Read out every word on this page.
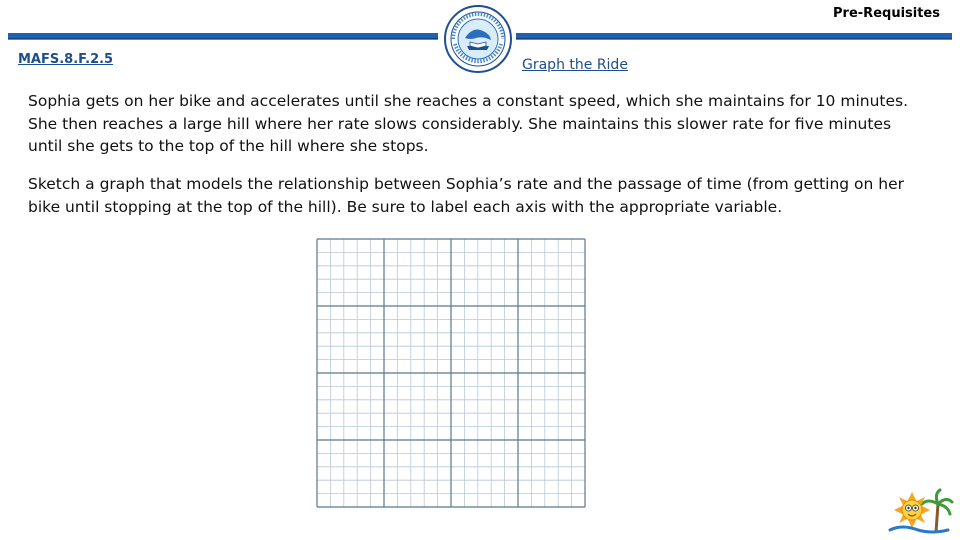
Pre-Requisites
MAFS.8.F.2.5	Graph the Ride
Sophia gets on her bike and accelerates until she reaches a constant speed, which she maintains for 10 minutes. She then reaches a large hill where her rate slows considerably. She maintains this slower rate for five minutes until she gets to the top of the hill where she stops.
Sketch a graph that models the relationship between Sophia’s rate and the passage of time (from getting on her bike until stopping at the top of the hill). Be sure to label each axis with the appropriate variable.
